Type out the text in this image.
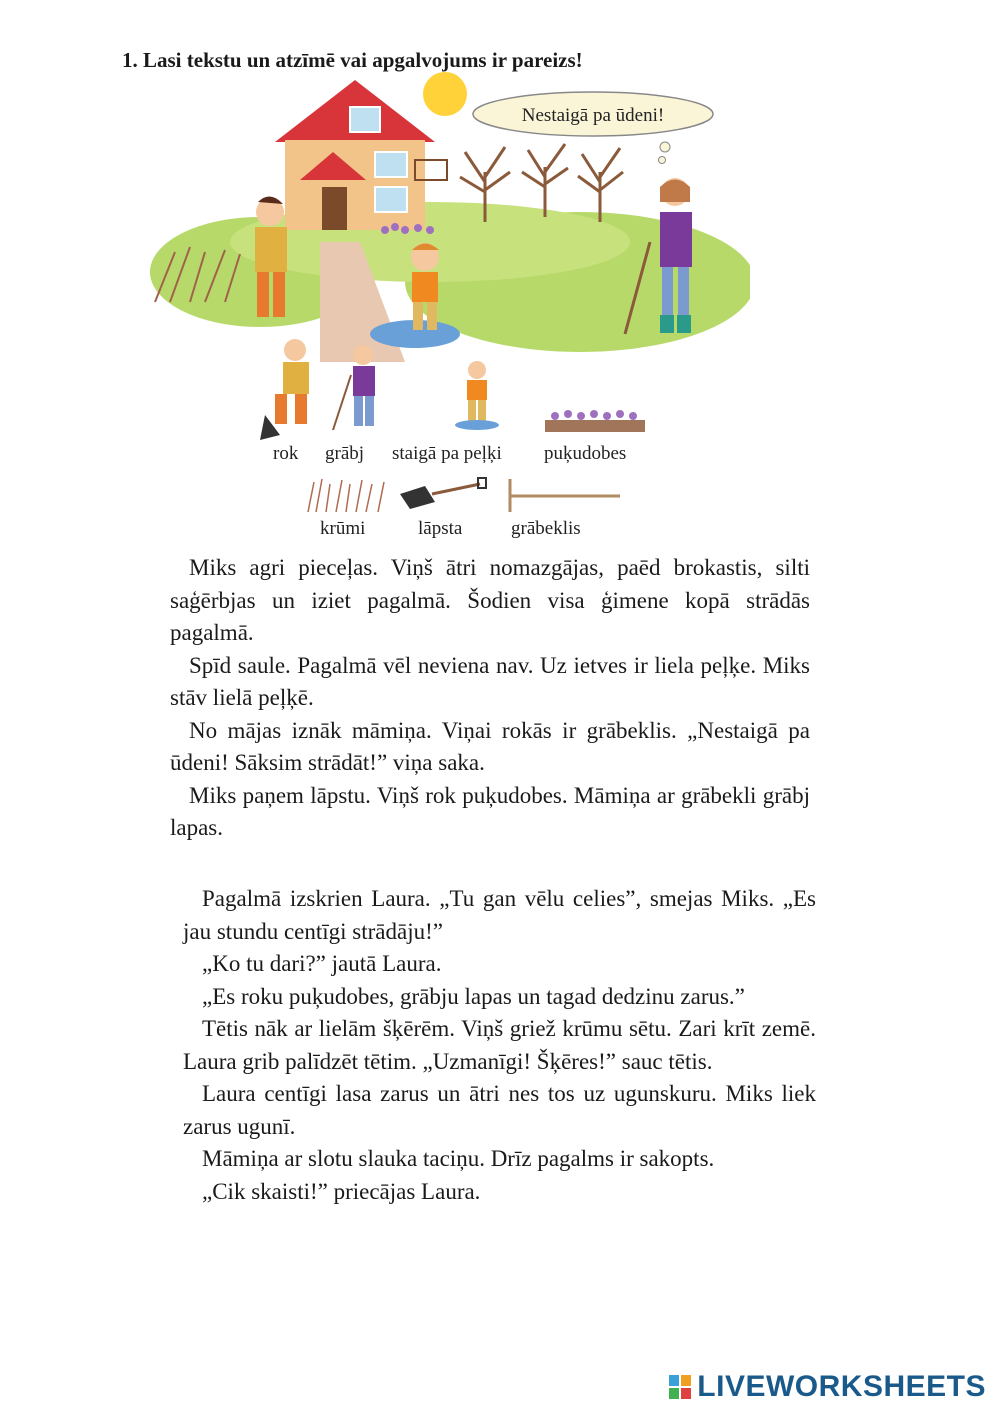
1. Lasi tekstu un atzīmē vai apgalvojums ir pareizs!
Nestaigā pa ūdeni!
rok grābj staigā pa peļķi puķudobes
krūmi	lāpsta	grābeklis

Miks agri pieceļas. Viņš ātri nomazgājas, paēd brokastis, silti saģērbjas un iziet pagalmā. Šodien visa ģimene kopā strādās pagalmā.

Spīd saule. Pagalmā vēl neviena nav. Uz ietves ir liela peļķe. Miks stāv lielā peļķē.

No mājas iznāk māmiņa. Viņai rokās ir grābeklis. „Nestaigā pa ūdeni! Sāksim strādāt!” viņa saka.

Miks paņem lāpstu. Viņš rok puķudobes. Māmiņa ar grābekli grābj lapas.

Pagalmā izskrien Laura. „Tu gan vēlu celies”, smejas Miks. „Es jau stundu centīgi strādāju!”

„Ko tu dari?” jautā Laura.

„Es roku puķudobes, grābju lapas un tagad dedzinu zarus.”

Tētis nāk ar lielām šķērēm. Viņš griež krūmu sētu. Zari krīt zemē. Laura grib palīdzēt tētim. „Uzmanīgi! Šķēres!” sauc tētis.

Laura centīgi lasa zarus un ātri nes tos uz ugunskuru. Miks liek zarus ugunī.

Māmiņa ar slotu slauka taciņu. Drīz pagalms ir sakopts.

„Cik skaisti!” priecājas Laura.

LIVEWORKSHEETS
